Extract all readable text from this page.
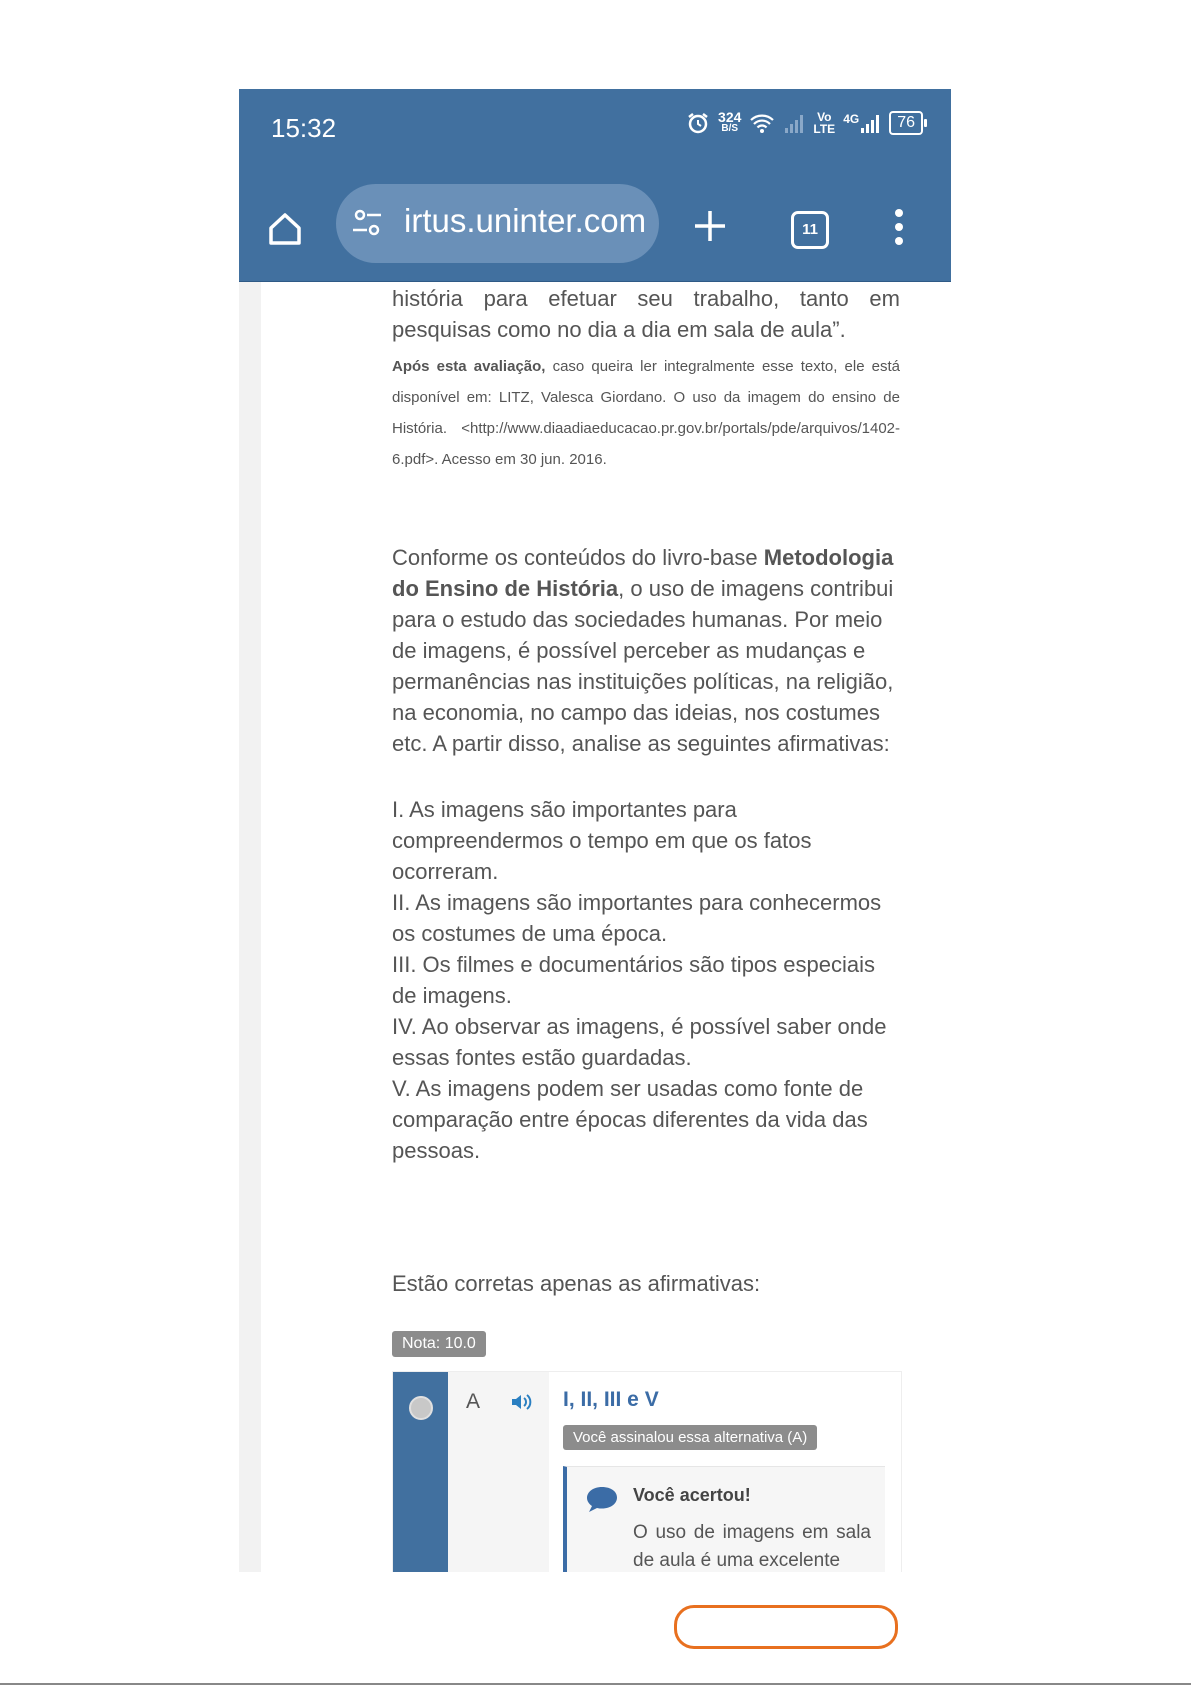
15:32	324
B/S
Vo
LTE
4G	76
irtus.uninter.com	11

história para efetuar seu trabalho, tanto em

pesquisas como no dia a dia em sala de aula”.

Após esta avaliação, caso queira ler integralmente esse texto, ele está disponível em: LITZ, Valesca Giordano. O uso da imagem do ensino de História. <http://www.diaadiaeducacao.pr.gov.br/portals/pde/arquivos/1402-6.pdf>. Acesso em 30 jun. 2016.

Conforme os conteúdos do livro-base Metodologia do Ensino de História, o uso de imagens contribui para o estudo das sociedades humanas. Por meio de imagens, é possível perceber as mudanças e permanências nas instituições políticas, na religião, na economia, no campo das ideias, nos costumes etc. A partir disso, analise as seguintes afirmativas:

I. As imagens são importantes para compreendermos o tempo em que os fatos ocorreram.

II. As imagens são importantes para conhecermos os costumes de uma época.

III. Os filmes e documentários são tipos especiais de imagens.

IV. Ao observar as imagens, é possível saber onde essas fontes estão guardadas.

V. As imagens podem ser usadas como fonte de comparação entre épocas diferentes da vida das pessoas.

Estão corretas apenas as afirmativas:

Nota: 10.0
A	I, II, III e V
Você assinalou essa alternativa (A)
Você acertou!

O uso de imagens em sala de aula é uma excelente
